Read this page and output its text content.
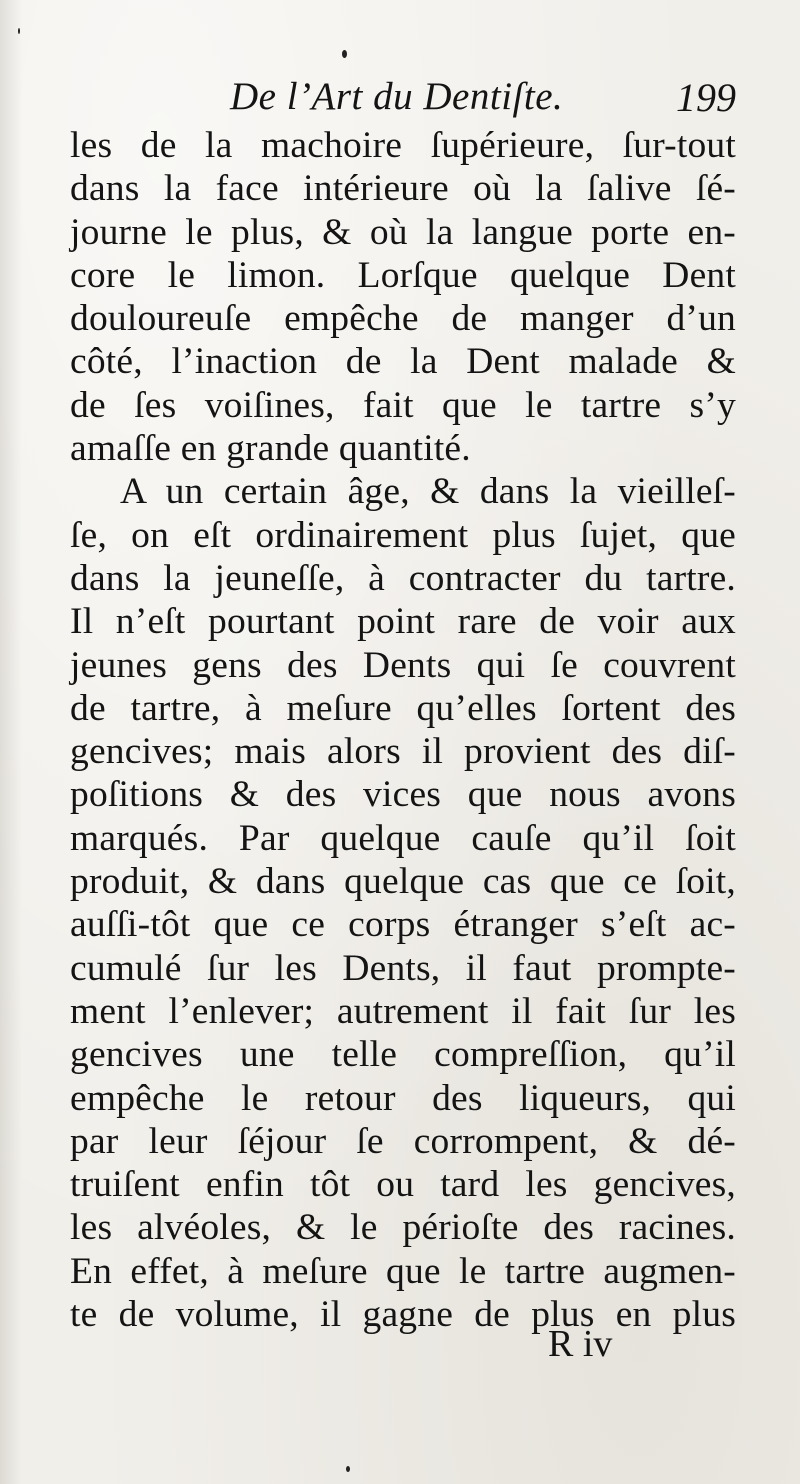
De l’Art du Dentiſte.	199
les de la machoire ſupérieure, ſur-tout
dans la face intérieure où la ſalive ſé-
journe le plus, & où la langue porte en-
core le limon. Lorſque quelque Dent
douloureuſe empêche de manger d’un
côté, l’inaction de la Dent malade &
de ſes voiſines, fait que le tartre s’y
amaſſe en grande quantité.
A un certain âge, & dans la vieilleſ-
ſe, on eſt ordinairement plus ſujet, que
dans la jeuneſſe, à contracter du tartre.
Il n’eſt pourtant point rare de voir aux
jeunes gens des Dents qui ſe couvrent
de tartre, à meſure qu’elles ſortent des
gencives; mais alors il provient des diſ-
poſitions & des vices que nous avons
marqués. Par quelque cauſe qu’il ſoit
produit, & dans quelque cas que ce ſoit,
auſſi-tôt que ce corps étranger s’eſt ac-
cumulé ſur les Dents, il faut prompte-
ment l’enlever; autrement il fait ſur les
gencives une telle compreſſion, qu’il
empêche le retour des liqueurs, qui
par leur ſéjour ſe corrompent, & dé-
truiſent enfin tôt ou tard les gencives,
les alvéoles, & le périoſte des racines.
En effet, à meſure que le tartre augmen-
te de volume, il gagne de plus en plus
R iv
